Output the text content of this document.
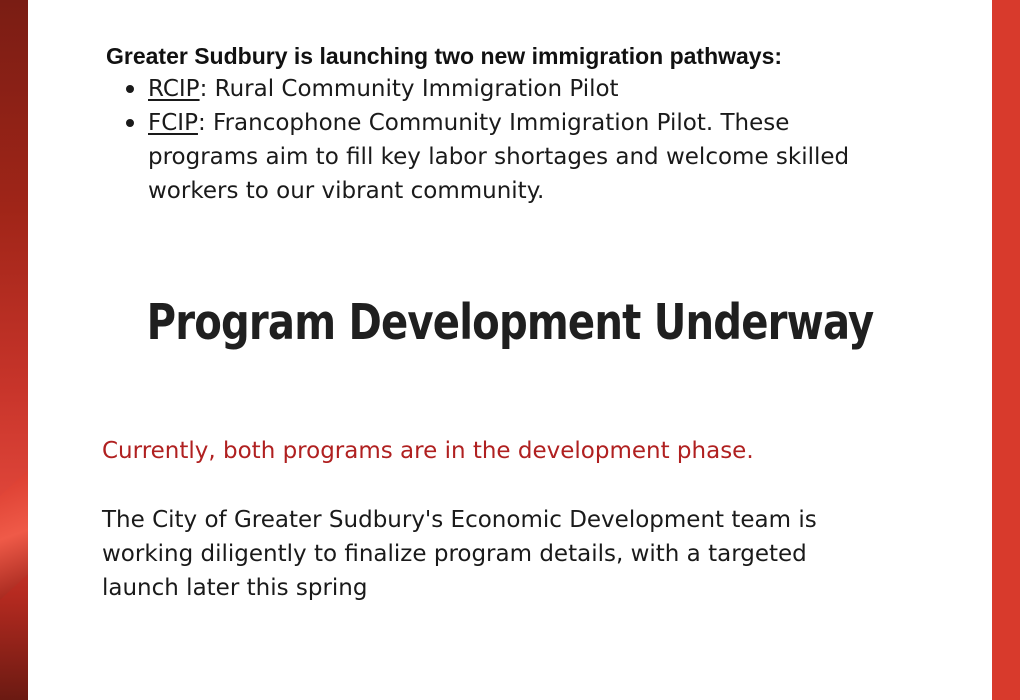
Greater Sudbury is launching two new immigration pathways:

RCIP: Rural Community Immigration Pilot
FCIP: Francophone Community Immigration Pilot. These programs aim to fill key labor shortages and welcome skilled workers to our vibrant community.
Program Development Underway

Currently, both programs are in the development phase.

The City of Greater Sudbury's Economic Development team is working diligently to finalize program details, with a targeted launch later this spring
